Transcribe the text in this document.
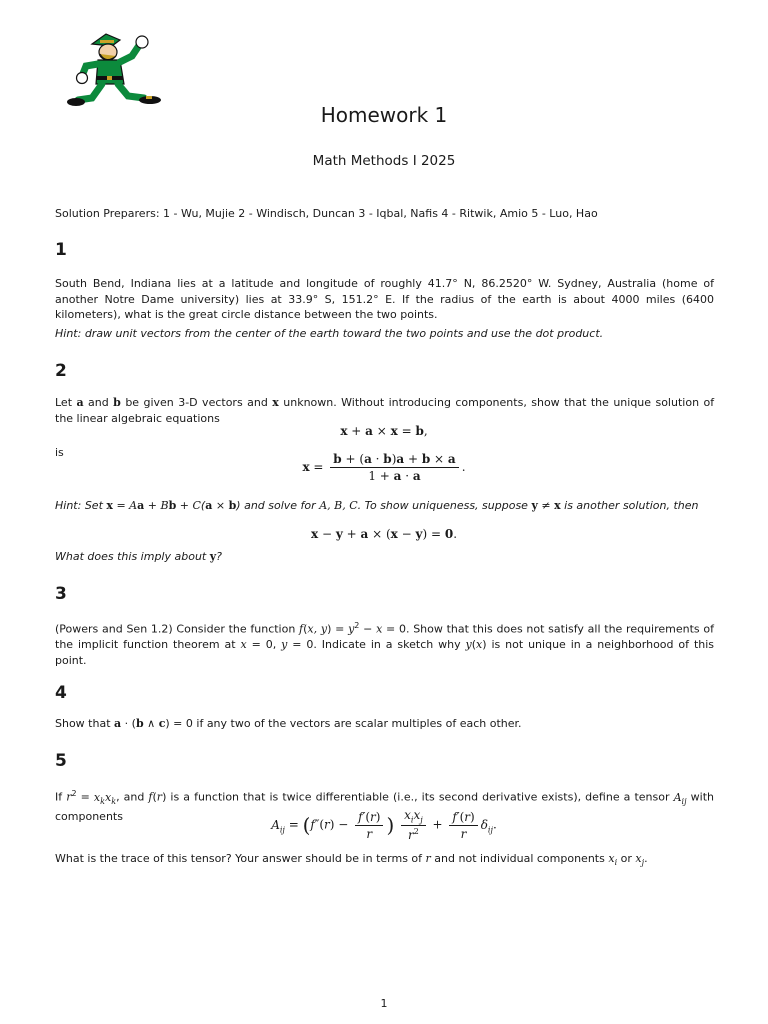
Homework 1
Math Methods I 2025
Solution Preparers: 1 - Wu, Mujie 2 - Windisch, Duncan 3 - Iqbal, Nafis 4 - Ritwik, Amio 5 - Luo, Hao
1
South Bend, Indiana lies at a latitude and longitude of roughly 41.7° N, 86.2520° W. Sydney, Australia (home of another Notre Dame university) lies at 33.9° S, 151.2° E. If the radius of the earth is about 4000 miles (6400 kilometers), what is the great circle distance between the two points.
Hint: draw unit vectors from the center of the earth toward the two points and use the dot product.
2
Let a and b be given 3-D vectors and x unknown. Without introducing components, show that the unique solution of the linear algebraic equations
x + a × x = b,
is
$x = \frac{b + (a \cdot b)a + b \times a}{1 + a \cdot a}$ .
Hint: Set x = Aa + Bb + C(a × b) and solve for A, B, C. To show uniqueness, suppose y ≠ x is another solution, then
x − y + a × (x − y) = 0.
What does this imply about y?
3
(Powers and Sen 1.2) Consider the function f(x, $y) = y^2 - x = 0$. Show that this does not satisfy all the requirements of the implicit function theorem at x = 0, y = 0. Indicate in a sketch why y(x) is not unique in a neighborhood of this point.
4
Show that a · (b ∧ c) = 0 if any two of the vectors are scalar multiples of each other.
5
If $r^2 = x_kx_k$, and f(r) is a function that is twice differentiable (i.e., its second derivative exists), define a tensor $A_{ij}$ with components
$A_{ij} = (f''(r) - \frac{f'(r)}{r}$ ) $\frac{x_ix_j}{r^2} + \frac{f'(r)}{r} \delta_{ij}$.
What is the trace of this tensor? Your answer should be in terms of r and not individual components $x_i$ or $x_j$.
1
